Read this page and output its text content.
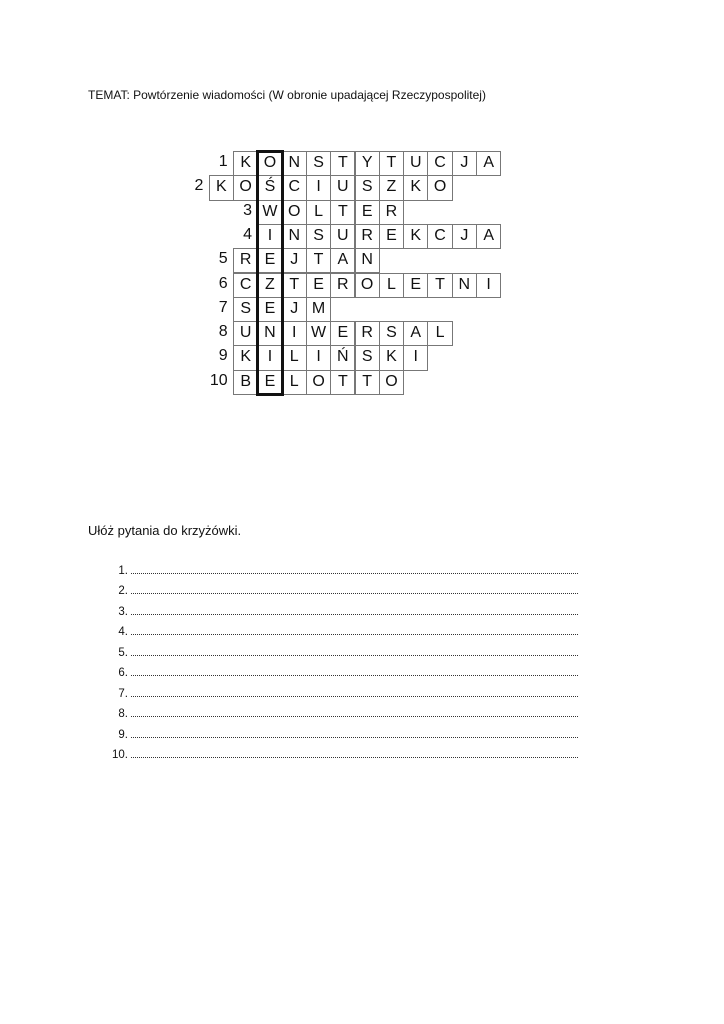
TEMAT: Powtórzenie wiadomości (W obronie upadającej Rzeczypospolitej)
1 K O N S T Y T U C J A
2 K O Ś C	I	U S Z K O
3 W O L T E R
4 I	N S U R E K C J A
5 R E J T A N
6 C Z T E R O L E T N	I
7 S E J M
8 U N	I W E R S A L
9 K	I	L	I	Ń S K	I
10 B E L O T T O
Ułóż pytania do krzyżówki.
1.
2.
3.
4.
5.
6.
7.
8.
9.
10.
